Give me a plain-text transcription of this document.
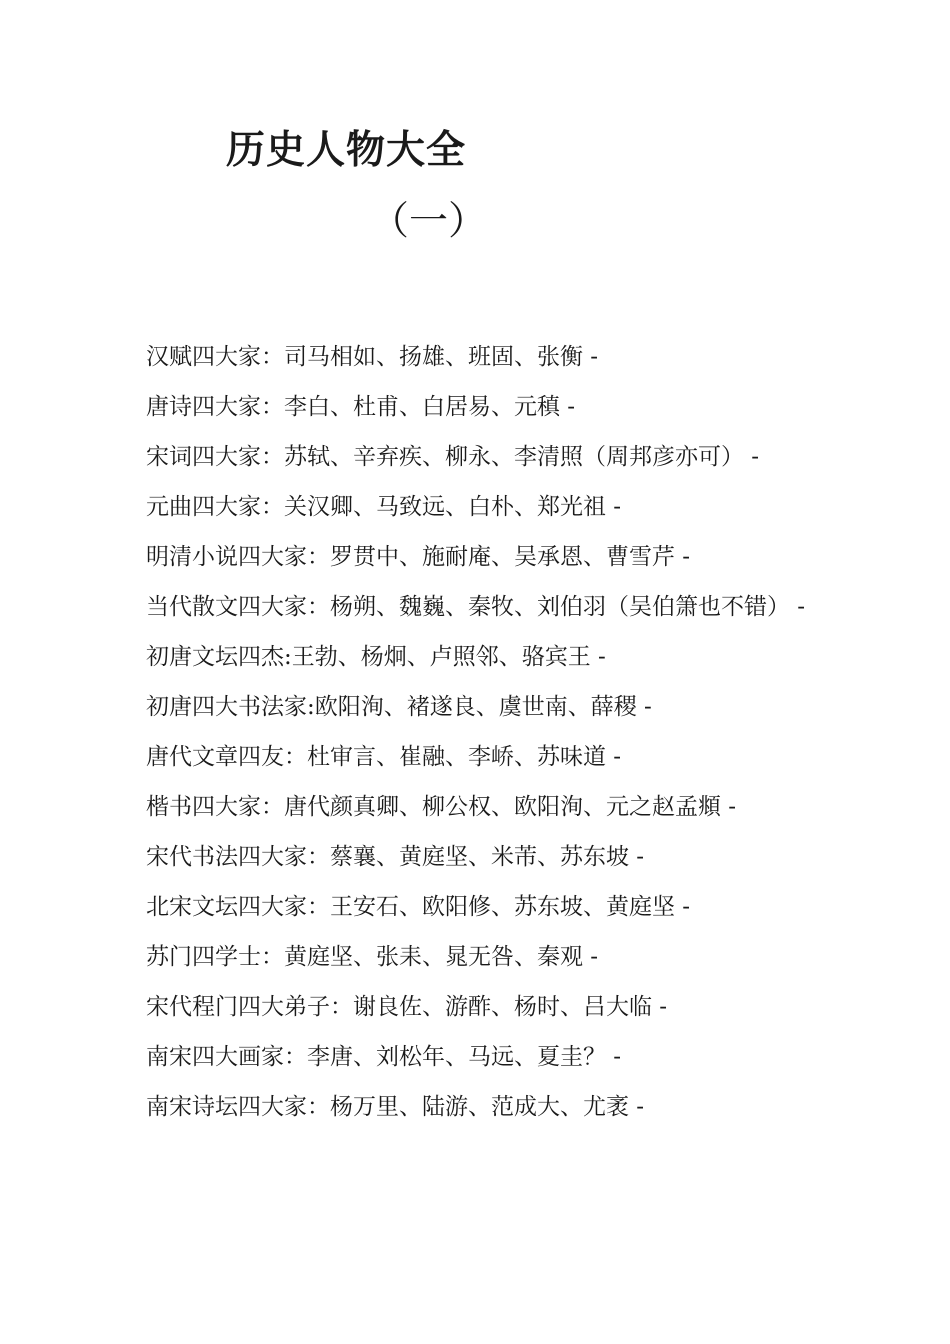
历史人物大全
（一）
汉赋四大家：司马相如、扬雄、班固、张衡 -
唐诗四大家：李白、杜甫、白居易、元稹 -
宋词四大家：苏轼、辛弃疾、柳永、李清照（周邦彦亦可） -
元曲四大家：关汉卿、马致远、白朴、郑光祖 -
明清小说四大家：罗贯中、施耐庵、吴承恩、曹雪芹 -
当代散文四大家：杨朔、魏巍、秦牧、刘伯羽（吴伯箫也不错） -
初唐文坛四杰:王勃、杨炯、卢照邻、骆宾王 -
初唐四大书法家:欧阳洵、褚遂良、虞世南、薛稷 -
唐代文章四友：杜审言、崔融、李峤、苏味道 -
楷书四大家：唐代颜真卿、柳公权、欧阳洵、元之赵孟頫 -
宋代书法四大家：蔡襄、黄庭坚、米芾、苏东坡 -
北宋文坛四大家：王安石、欧阳修、苏东坡、黄庭坚 -
苏门四学士：黄庭坚、张耒、晁无咎、秦观 -
宋代程门四大弟子：谢良佐、游酢、杨时、吕大临 -
南宋四大画家：李唐、刘松年、马远、夏圭？ -
南宋诗坛四大家：杨万里、陆游、范成大、尤袤 -
